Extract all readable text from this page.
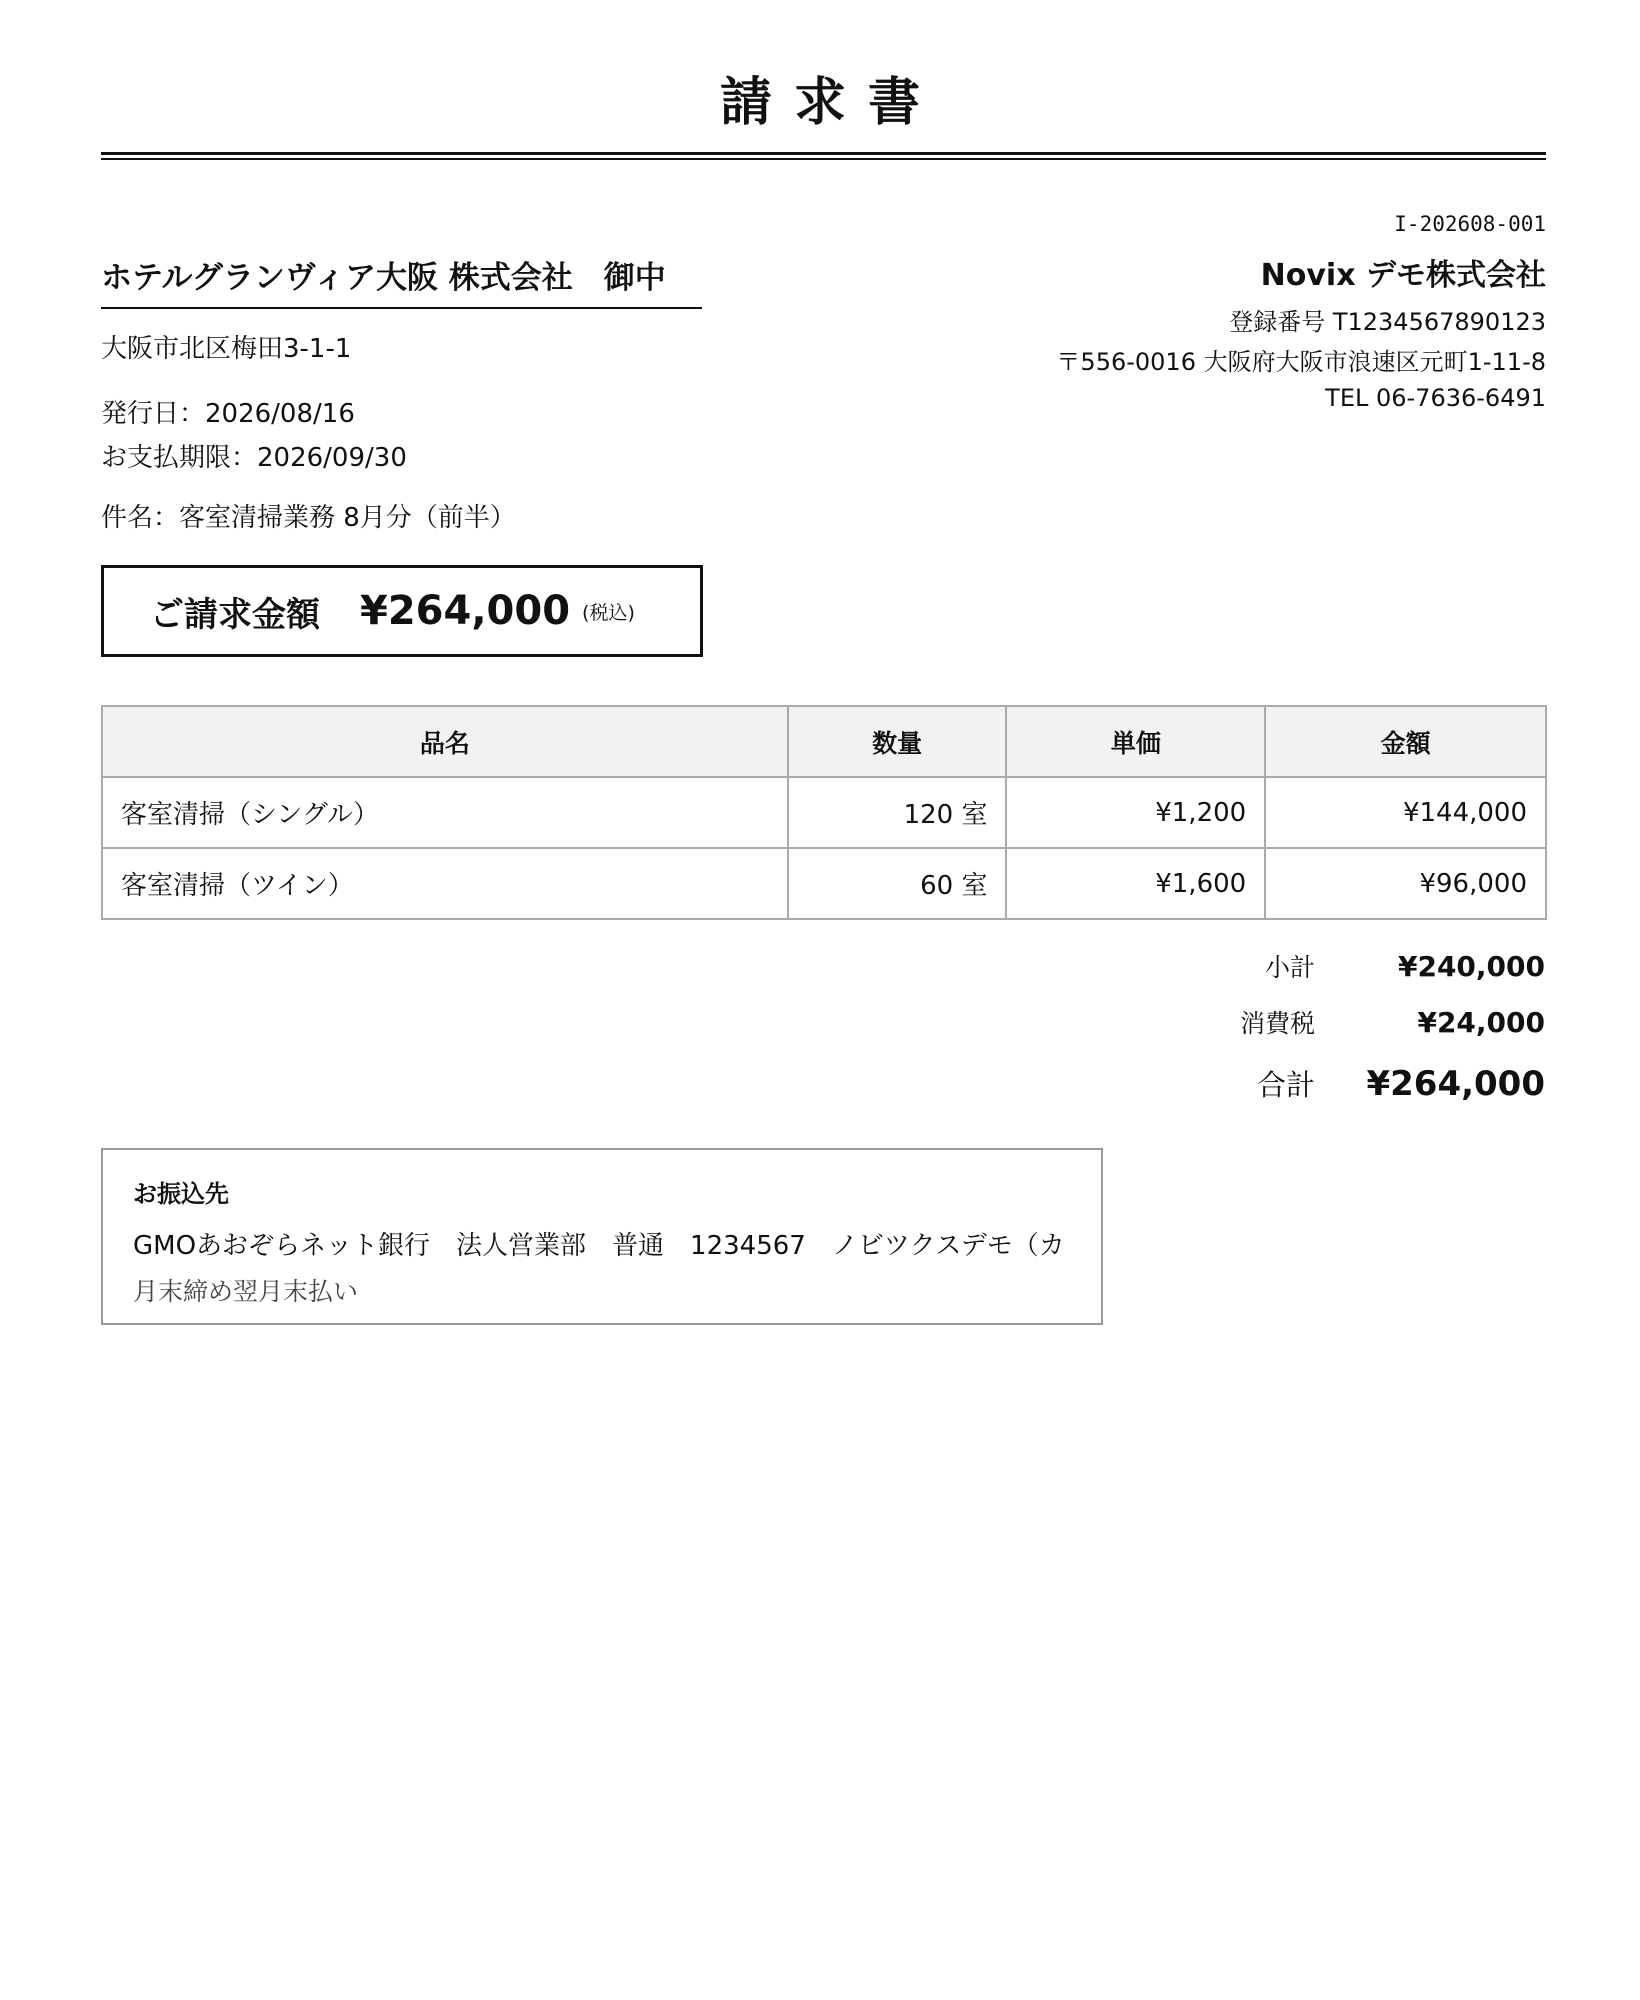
請求書
ホテルグランヴィア大阪 株式会社　御中
大阪市北区梅田3-1-1
発行日：2026/08/16
お支払期限：2026/09/30
件名：客室清掃業務 8月分（前半）
ご請求金額 ¥264,000 (税込)
I-202608-001
Novix デモ株式会社
登録番号 T1234567890123
〒556-0016 大阪府大阪市浪速区元町1-11-8
TEL 06-7636-6491
品名	数量	単価	金額
客室清掃（シングル）	120 室	¥1,200	¥144,000
客室清掃（ツイン）	60 室	¥1,600	¥96,000
小計	¥240,000
消費税	¥24,000
合計	¥264,000
お振込先
GMOあおぞらネット銀行　法人営業部　普通　1234567　ノビツクスデモ（カ
月末締め翌月末払い
